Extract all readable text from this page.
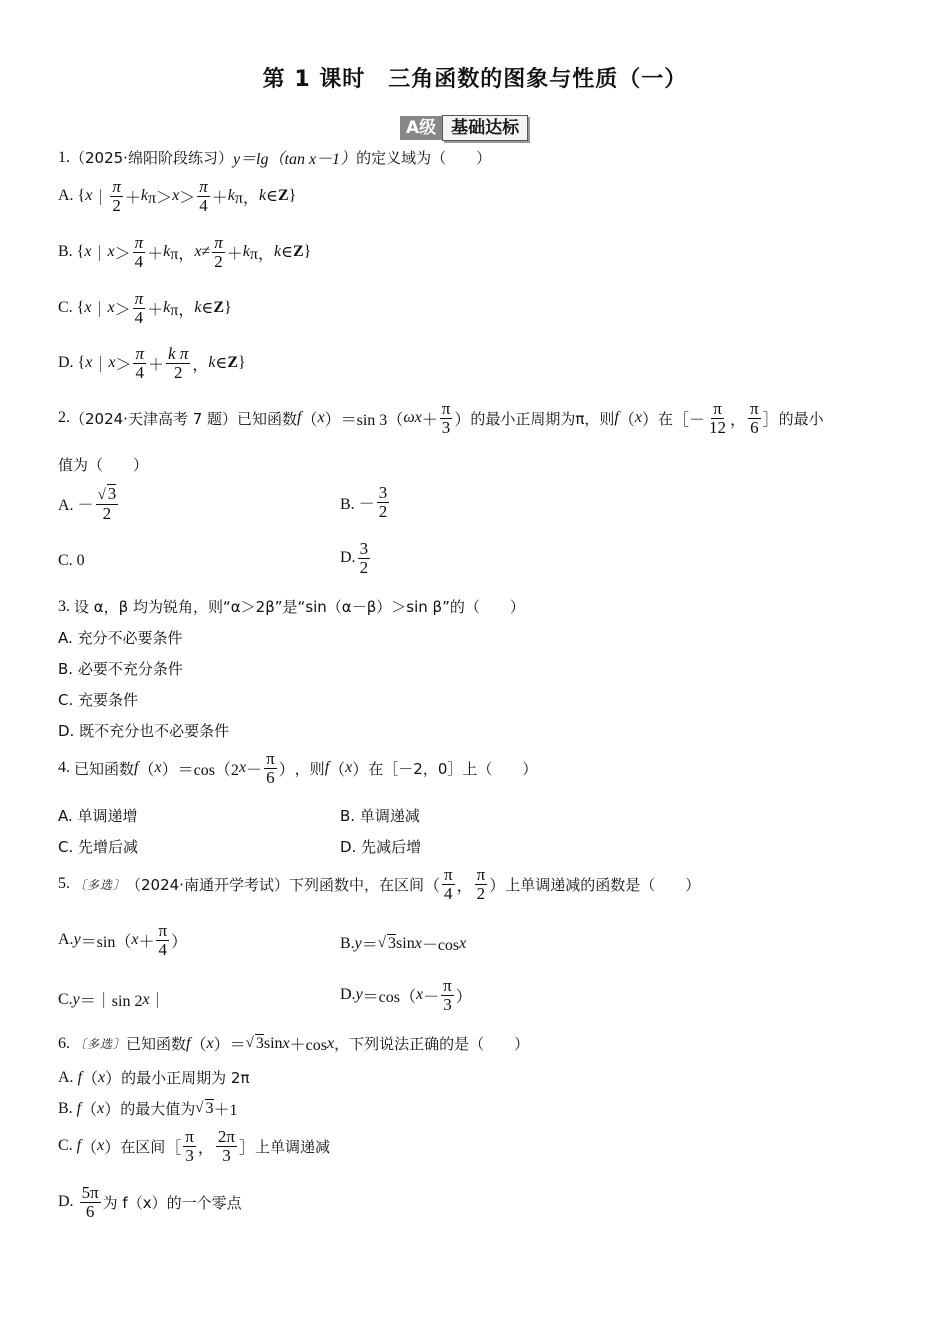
第 1 课时　三角函数的图象与性质（一）
A级 基础达标
1. （2025·绵阳阶段练习） y＝lg（tan x－1） 的定义域为（　　）
A. { x ｜ $\frac{\pi}{2} + k$ $\pi> x > \frac{\pi}{4} + k$ π， k ∈ Z }
B. { x ｜ $x > \frac{\pi}{4} + k$ π， $x \ne \frac{\pi}{2} + k$ π， k ∈ Z }
C. { x ｜ $x > \frac{\pi}{4} + k$ π， k ∈ Z }
D. { x ｜ $x > \frac{\pi}{4} + \frac{\text{k π}}{2}$ ， k ∈ Z }
2. （2024·天津高考 7 题） 已知函数 f （ x ）＝sin 3（ $\omega x + \frac{\pi}{3}$ ） 的最小正周期为π，则 f （ x ） 在 ［－ $\frac{\pi}{12}$ ， $\frac{\pi}{6}$ ］ 的最小
值为（　　）
A. － $\frac{√ 3}{2}$	B. － $\frac{3}{2}$
C. 0	D. $\frac{3}{2}$
3.
设 α，β 均为锐角，则“α＞2β”是“sin（α－β）＞sin β”的（　　）
A. 充分不必要条件
B. 必要不充分条件
C. 充要条件
D. 既不充分也不必要条件
4.
已知函数 f （ x ）＝cos（2 $x - \frac{\pi}{6}$ ） ，则 f （ x ） 在［－2，0］上（　　）
A. 单调递增	B. 单调递减
C. 先增后减	D. 先减后增
5.
〔多选〕 （2024·南通开学考试） 下列函数中，在区间 （ $\frac{\pi}{4}$ ， $\frac{\pi}{2}$ ） 上单调递减的函数是（　　）
A. y ＝sin（ $x + \frac{\pi}{4}$ ）	B. y ＝ √ 3 sin x －cos x
C. y ＝｜sin 2 x ｜	D. y ＝cos（ $x - \frac{\pi}{3}$ ）
6.
〔多选〕 已知函数 f （ x ）＝ √ 3 sin x ＋cos x ，下列说法正确的是（　　）
A. f （ x ） 的最小正周期为 2π
B. f （ x ） 的最大值为 √ 3 ＋1
C. f （ x ） 在区间 ［ $\frac{\pi}{3}$ ， $\frac{2\pi}{3}$ ］ 上单调递减
D. $\frac{5\pi}{6}$ 为 f（x）的一个零点
